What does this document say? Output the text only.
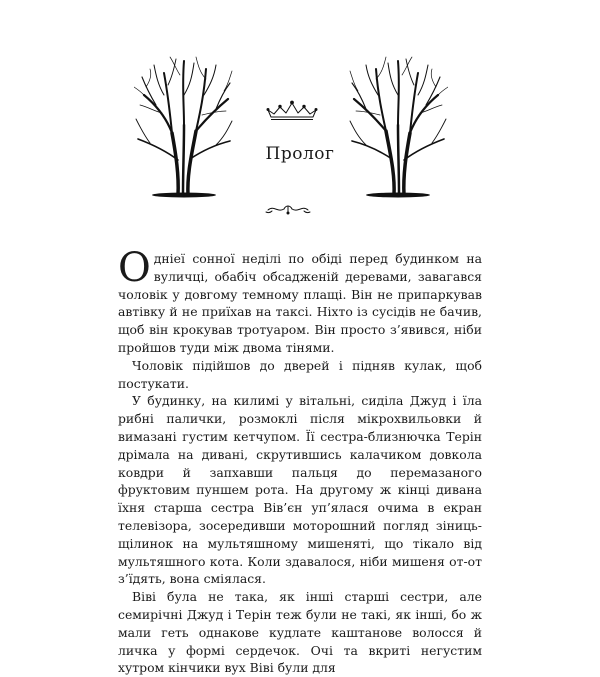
Пролог

Одніеї сонної неділі по обіді перед будинком на вуличці, обабіч обсадженій деревами, завагався чоловік у довгому темному плащі. Він не припаркував автівку й не приїхав на таксі. Ніхто із сусідів не бачив, щоб він крокував тротуаром. Він просто з’явився, ніби пройшов туди між двома тінями.

Чоловік підійшов до дверей і підняв кулак, щоб постукати.

У будинку, на килимі у вітальні, сиділа Джуд і їла рибні палички, розмоклі після мікрохвильовки й вимазані густим кетчупом. Її сестра-близнючка Терін дрімала на дивані, скрутившись калачиком довкола ковдри й запхавши пальця до перемазаного фруктовим пуншем рота. На другому ж кінці дивана їхня старша сестра Вів’єн уп’ялася очима в екран телевізора, зосередивши моторошний погляд зіниць-щілинок на мультяшному мишеняті, що тікало від мультяшного кота. Коли здавалося, ніби мишеня от-от з’їдять, вона сміялася.

Віві була не така, як інші старші сестри, але семирічні Джуд і Терін теж були не такі, як інші, бо ж мали геть однакове кудлате каштанове волосся й личка у формі сердечок. Очі та вкриті негустим хутром кінчики вух Віві були для
